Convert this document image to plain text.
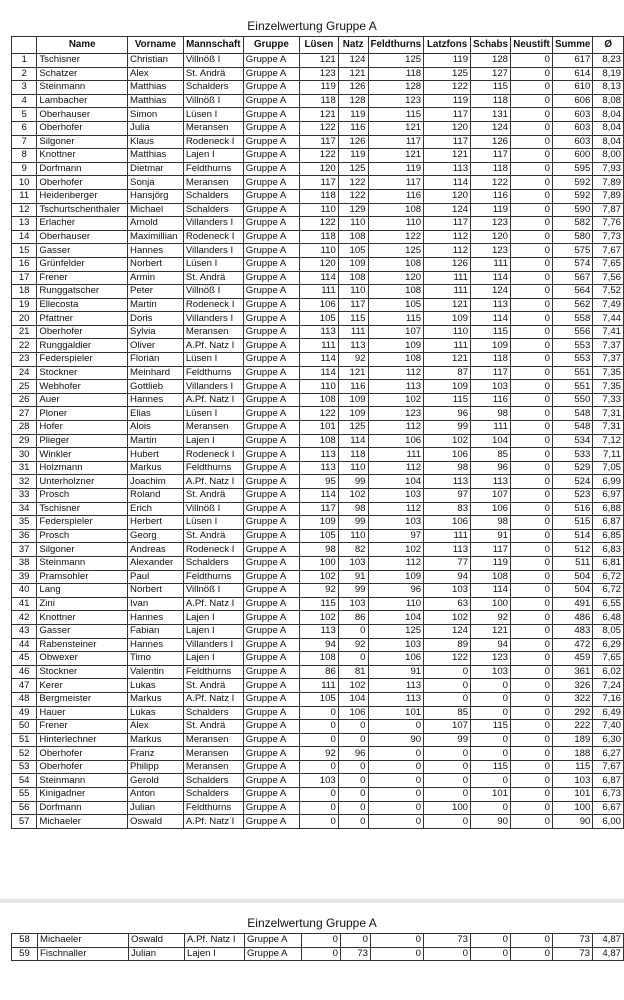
Einzelwertung Gruppe A
	Name	Vorname	Mannschaft	Gruppe	Lüsen	Natz	Feldthurns	Latzfons	Schabs	Neustift	Summe	Ø
1	Tschisner	Christian	Villnöß I	Gruppe A	121	124	125	119	128	0	617	8,23
2	Schatzer	Alex	St. Andrä	Gruppe A	123	121	118	125	127	0	614	8,19
3	Steinmann	Matthias	Schalders	Gruppe A	119	126	128	122	115	0	610	8,13
4	Lambacher	Matthias	Villnöß I	Gruppe A	118	128	123	119	118	0	606	8,08
5	Oberhauser	Simon	Lüsen I	Gruppe A	121	119	115	117	131	0	603	8,04
6	Oberhofer	Julia	Meransen	Gruppe A	122	116	121	120	124	0	603	8,04
7	Silgoner	Klaus	Rodeneck I	Gruppe A	117	126	117	117	126	0	603	8,04
8	Knottner	Matthias	Lajen I	Gruppe A	122	119	121	121	117	0	600	8,00
9	Dorfmann	Dietmar	Feldthurns	Gruppe A	120	125	119	113	118	0	595	7,93
10	Oberhofer	Sonja	Meransen	Gruppe A	117	122	117	114	122	0	592	7,89
11	Heidenberger	Hansjörg	Schalders	Gruppe A	118	122	116	120	116	0	592	7,89
12	Tschurtschenthaler	Michael	Schalders	Gruppe A	110	129	108	124	119	0	590	7,87
13	Erlacher	Arnold	Villanders I	Gruppe A	122	110	110	117	123	0	582	7,76
14	Oberhauser	Maximillian	Rodeneck I	Gruppe A	118	108	122	112	120	0	580	7,73
15	Gasser	Hannes	Villanders I	Gruppe A	110	105	125	112	123	0	575	7,67
16	Grünfelder	Norbert	Lüsen I	Gruppe A	120	109	108	126	111	0	574	7,65
17	Frener	Armin	St. Andrä	Gruppe A	114	108	120	111	114	0	567	7,56
18	Runggatscher	Peter	Villnöß I	Gruppe A	111	110	108	111	124	0	564	7,52
19	Ellecosta	Martin	Rodeneck I	Gruppe A	106	117	105	121	113	0	562	7,49
20	Pfattner	Doris	Villanders I	Gruppe A	105	115	115	109	114	0	558	7,44
21	Oberhofer	Sylvia	Meransen	Gruppe A	113	111	107	110	115	0	556	7,41
22	Runggaldier	Oliver	A.Pf. Natz I	Gruppe A	111	113	109	111	109	0	553	7,37
23	Federspieler	Florian	Lüsen I	Gruppe A	114	92	108	121	118	0	553	7,37
24	Stockner	Meinhard	Feldthurns	Gruppe A	114	121	112	87	117	0	551	7,35
25	Webhofer	Gottlieb	Villanders I	Gruppe A	110	116	113	109	103	0	551	7,35
26	Auer	Hannes	A.Pf. Natz I	Gruppe A	108	109	102	115	116	0	550	7,33
27	Ploner	Elias	Lüsen I	Gruppe A	122	109	123	96	98	0	548	7,31
28	Hofer	Alois	Meransen	Gruppe A	101	125	112	99	111	0	548	7,31
29	Plieger	Martin	Lajen I	Gruppe A	108	114	106	102	104	0	534	7,12
30	Winkler	Hubert	Rodeneck I	Gruppe A	113	118	111	106	85	0	533	7,11
31	Holzmann	Markus	Feldthurns	Gruppe A	113	110	112	98	96	0	529	7,05
32	Unterholzner	Joachim	A.Pf. Natz I	Gruppe A	95	99	104	113	113	0	524	6,99
33	Prosch	Roland	St. Andrä	Gruppe A	114	102	103	97	107	0	523	6,97
34	Tschisner	Erich	Villnöß I	Gruppe A	117	98	112	83	106	0	516	6,88
35	Federspieler	Herbert	Lüsen I	Gruppe A	109	99	103	106	98	0	515	6,87
36	Prosch	Georg	St. Andrä	Gruppe A	105	110	97	111	91	0	514	6,85
37	Silgoner	Andreas	Rodeneck I	Gruppe A	98	82	102	113	117	0	512	6,83
38	Steinmann	Alexander	Schalders	Gruppe A	100	103	112	77	119	0	511	6,81
39	Pramsohler	Paul	Feldthurns	Gruppe A	102	91	109	94	108	0	504	6,72
40	Lang	Norbert	Villnöß I	Gruppe A	92	99	96	103	114	0	504	6,72
41	Zini	Ivan	A.Pf. Natz I	Gruppe A	115	103	110	63	100	0	491	6,55
42	Knottner	Hannes	Lajen I	Gruppe A	102	86	104	102	92	0	486	6,48
43	Gasser	Fabian	Lajen I	Gruppe A	113	0	125	124	121	0	483	8,05
44	Rabensteiner	Hannes	Villanders I	Gruppe A	94	92	103	89	94	0	472	6,29
45	Obwexer	Timo	Lajen I	Gruppe A	108	0	106	122	123	0	459	7,65
46	Stockner	Valentin	Feldthurns	Gruppe A	86	81	91	0	103	0	361	6,02
47	Kerer	Lukas	St. Andrä	Gruppe A	111	102	113	0	0	0	326	7,24
48	Bergmeister	Markus	A.Pf. Natz I	Gruppe A	105	104	113	0	0	0	322	7,16
49	Hauer	Lukas	Schalders	Gruppe A	0	106	101	85	0	0	292	6,49
50	Frener	Alex	St. Andrä	Gruppe A	0	0	0	107	115	0	222	7,40
51	Hinterlechner	Markus	Meransen	Gruppe A	0	0	90	99	0	0	189	6,30
52	Oberhofer	Franz	Meransen	Gruppe A	92	96	0	0	0	0	188	6,27
53	Oberhofer	Philipp	Meransen	Gruppe A	0	0	0	0	115	0	115	7,67
54	Steinmann	Gerold	Schalders	Gruppe A	103	0	0	0	0	0	103	6,87
55	Kinigadner	Anton	Schalders	Gruppe A	0	0	0	0	101	0	101	6,73
56	Dorfmann	Julian	Feldthurns	Gruppe A	0	0	0	100	0	0	100	6,67
57	Michaeler	Oswald	A.Pf. Natz I	Gruppe A	0	0	0	0	90	0	90	6,00
Einzelwertung Gruppe A
58	Michaeler	Oswald	A.Pf. Natz I	Gruppe A	0	0	0	73	0	0	73	4,87
59	Fischnaller	Julian	Lajen I	Gruppe A	0	73	0	0	0	0	73	4,87
